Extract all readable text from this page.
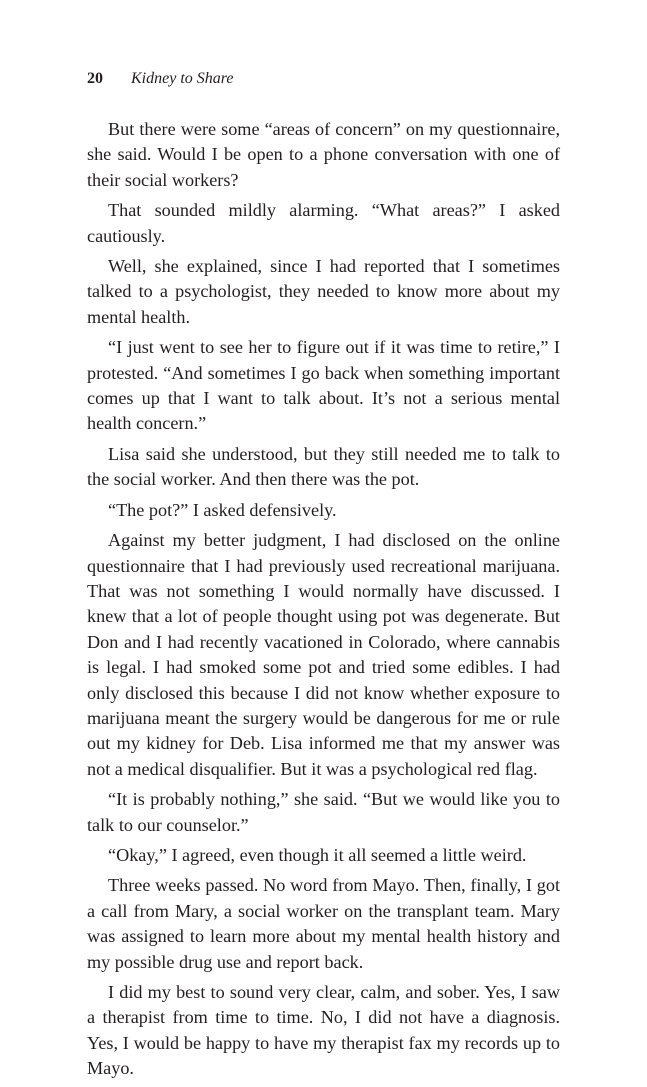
20 Kidney to Share

But there were some “areas of concern” on my questionnaire, she said. Would I be open to a phone conversation with one of their social workers?

That sounded mildly alarming. “What areas?” I asked cautiously.

Well, she explained, since I had reported that I sometimes talked to a psychologist, they needed to know more about my mental health.

“I just went to see her to figure out if it was time to retire,” I protested. “And sometimes I go back when something important comes up that I want to talk about. It’s not a serious mental health concern.”

Lisa said she understood, but they still needed me to talk to the social worker. And then there was the pot.

“The pot?” I asked defensively.

Against my better judgment, I had disclosed on the online questionnaire that I had previously used recreational marijuana. That was not something I would normally have discussed. I knew that a lot of people thought using pot was degenerate. But Don and I had recently vacationed in Colorado, where cannabis is legal. I had smoked some pot and tried some edibles. I had only disclosed this because I did not know whether exposure to marijuana meant the surgery would be dangerous for me or rule out my kidney for Deb. Lisa informed me that my answer was not a medical disqualifier. But it was a psychological red flag.

“It is probably nothing,” she said. “But we would like you to talk to our counselor.”

“Okay,” I agreed, even though it all seemed a little weird.

Three weeks passed. No word from Mayo. Then, finally, I got a call from Mary, a social worker on the transplant team. Mary was assigned to learn more about my mental health history and my possible drug use and report back.

I did my best to sound very clear, calm, and sober. Yes, I saw a therapist from time to time. No, I did not have a diagnosis. Yes, I would be happy to have my therapist fax my records up to Mayo.
